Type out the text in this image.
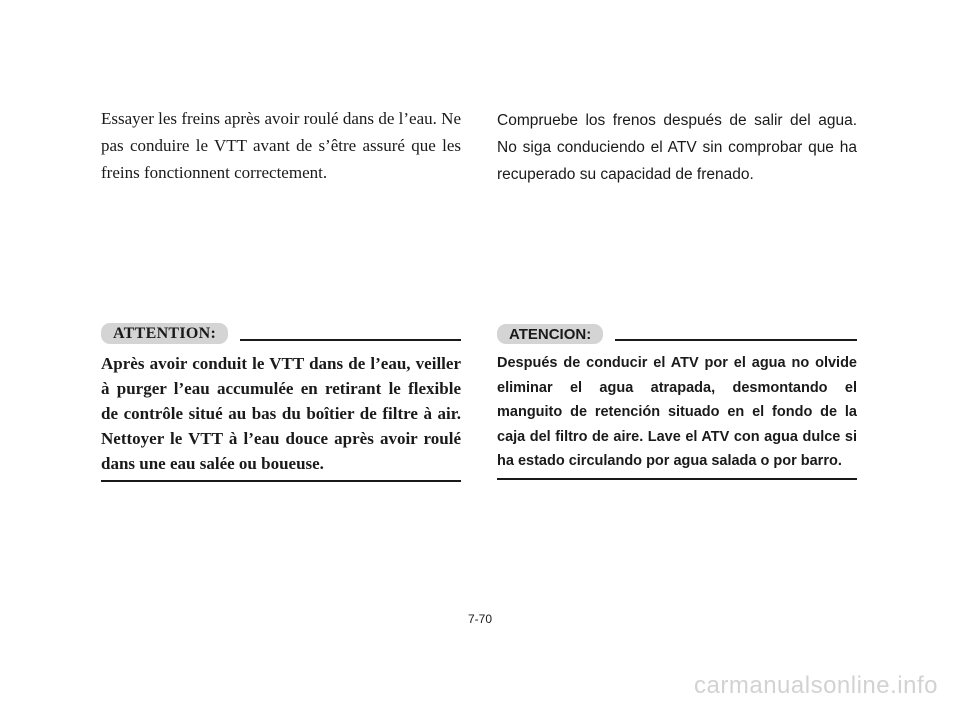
Essayer les freins après avoir roulé dans de l’eau. Ne pas conduire le VTT avant de s’être assuré que les freins fonctionnent correctement.

ATTENTION:

Après avoir conduit le VTT dans de l’eau, veiller à purger l’eau accumulée en retirant le flexible de contrôle situé au bas du boîtier de filtre à air. Nettoyer le VTT à l’eau douce après avoir roulé dans une eau salée ou boueuse.

Compruebe los frenos después de salir del agua. No siga conduciendo el ATV sin comprobar que ha recuperado su capacidad de frenado.

ATENCION:

Después de conducir el ATV por el agua no olvide eliminar el agua atrapada, desmontando el manguito de retención situado en el fondo de la caja del filtro de aire. Lave el ATV con agua dulce si ha estado circulando por agua salada o por barro.

7-70
carmanualsonline.info
